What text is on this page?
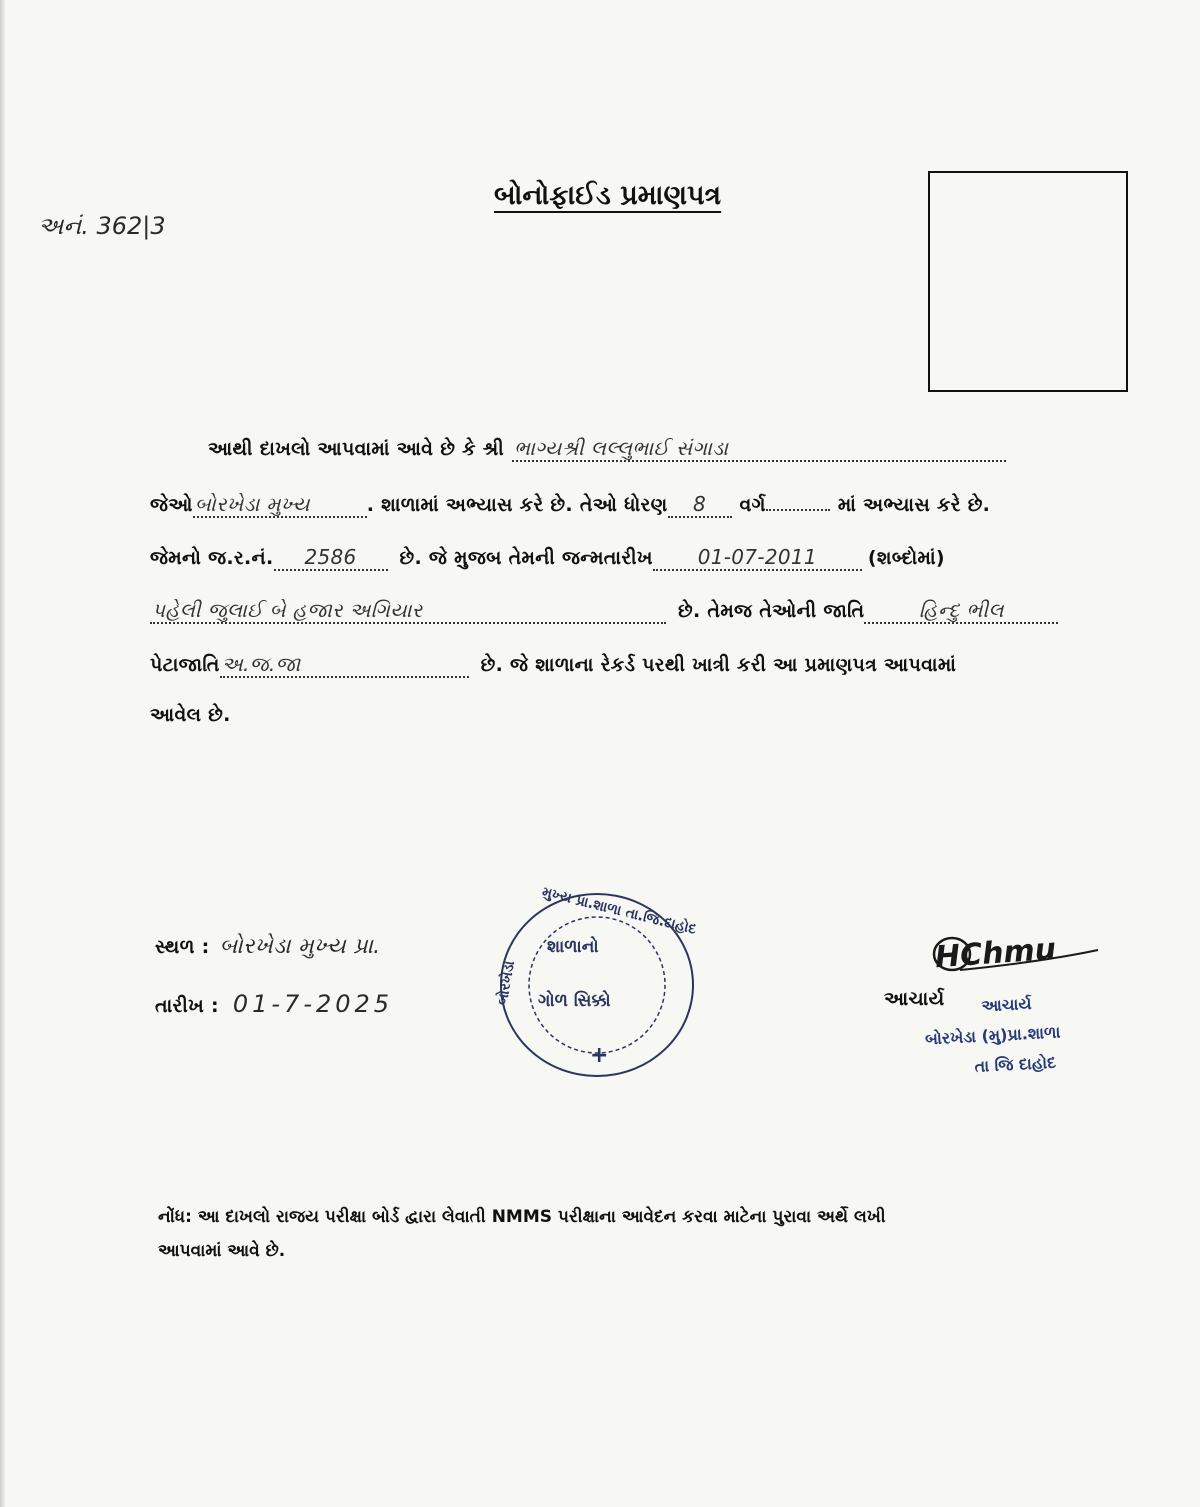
અનં. 362|3
બોનોફાઈડ પ્રમાણપત્ર
આથી દાખલો આપવામાં આવે છે કે શ્રી ભાગ્યશ્રી લલ્લુભાઈ સંગાડા
જેઓ બોરખેડા મુખ્ય	. શાળામાં અભ્યાસ કરે છે. તેઓ ધોરણ	8	વર્ગ	માં અભ્યાસ કરે છે.
જેમનો જ.ર.નં.	2586	છે. જે મુજબ તેમની જન્મતારીખ	01-07-2011	(શબ્દોમાં)
પહેલી જુલાઈ બે હજાર અગિયાર	છે. તેમજ તેઓની જાતિ	હિન્દુ ભીલ
પેટાજાતિ અ.જ.જા	છે. જે શાળાના રેકર્ડ પરથી ખાત્રી કરી આ પ્રમાણપત્ર આપવામાં
આવેલ છે.
સ્થળ : બોરખેડા મુખ્ય પ્રા.
તારીખ : 01-7-2025
મુખ્ય પ્રા.શાળા તા.જિ.દાહોદ
બોરખેડા
શાળાનો
ગોળ સિક્કો
+
HChmu
આચાર્ય	આચાર્ય
બોરખેડા (મુ)પ્રા.શાળા
તા જિ દાહોદ
નોંધ: આ દાખલો રાજય પરીક્ષા બોર્ડ દ્વારા લેવાતી NMMS પરીક્ષાના આવેદન કરવા માટેના પુરાવા અર્થે લખી
આપવામાં આવે છે.
